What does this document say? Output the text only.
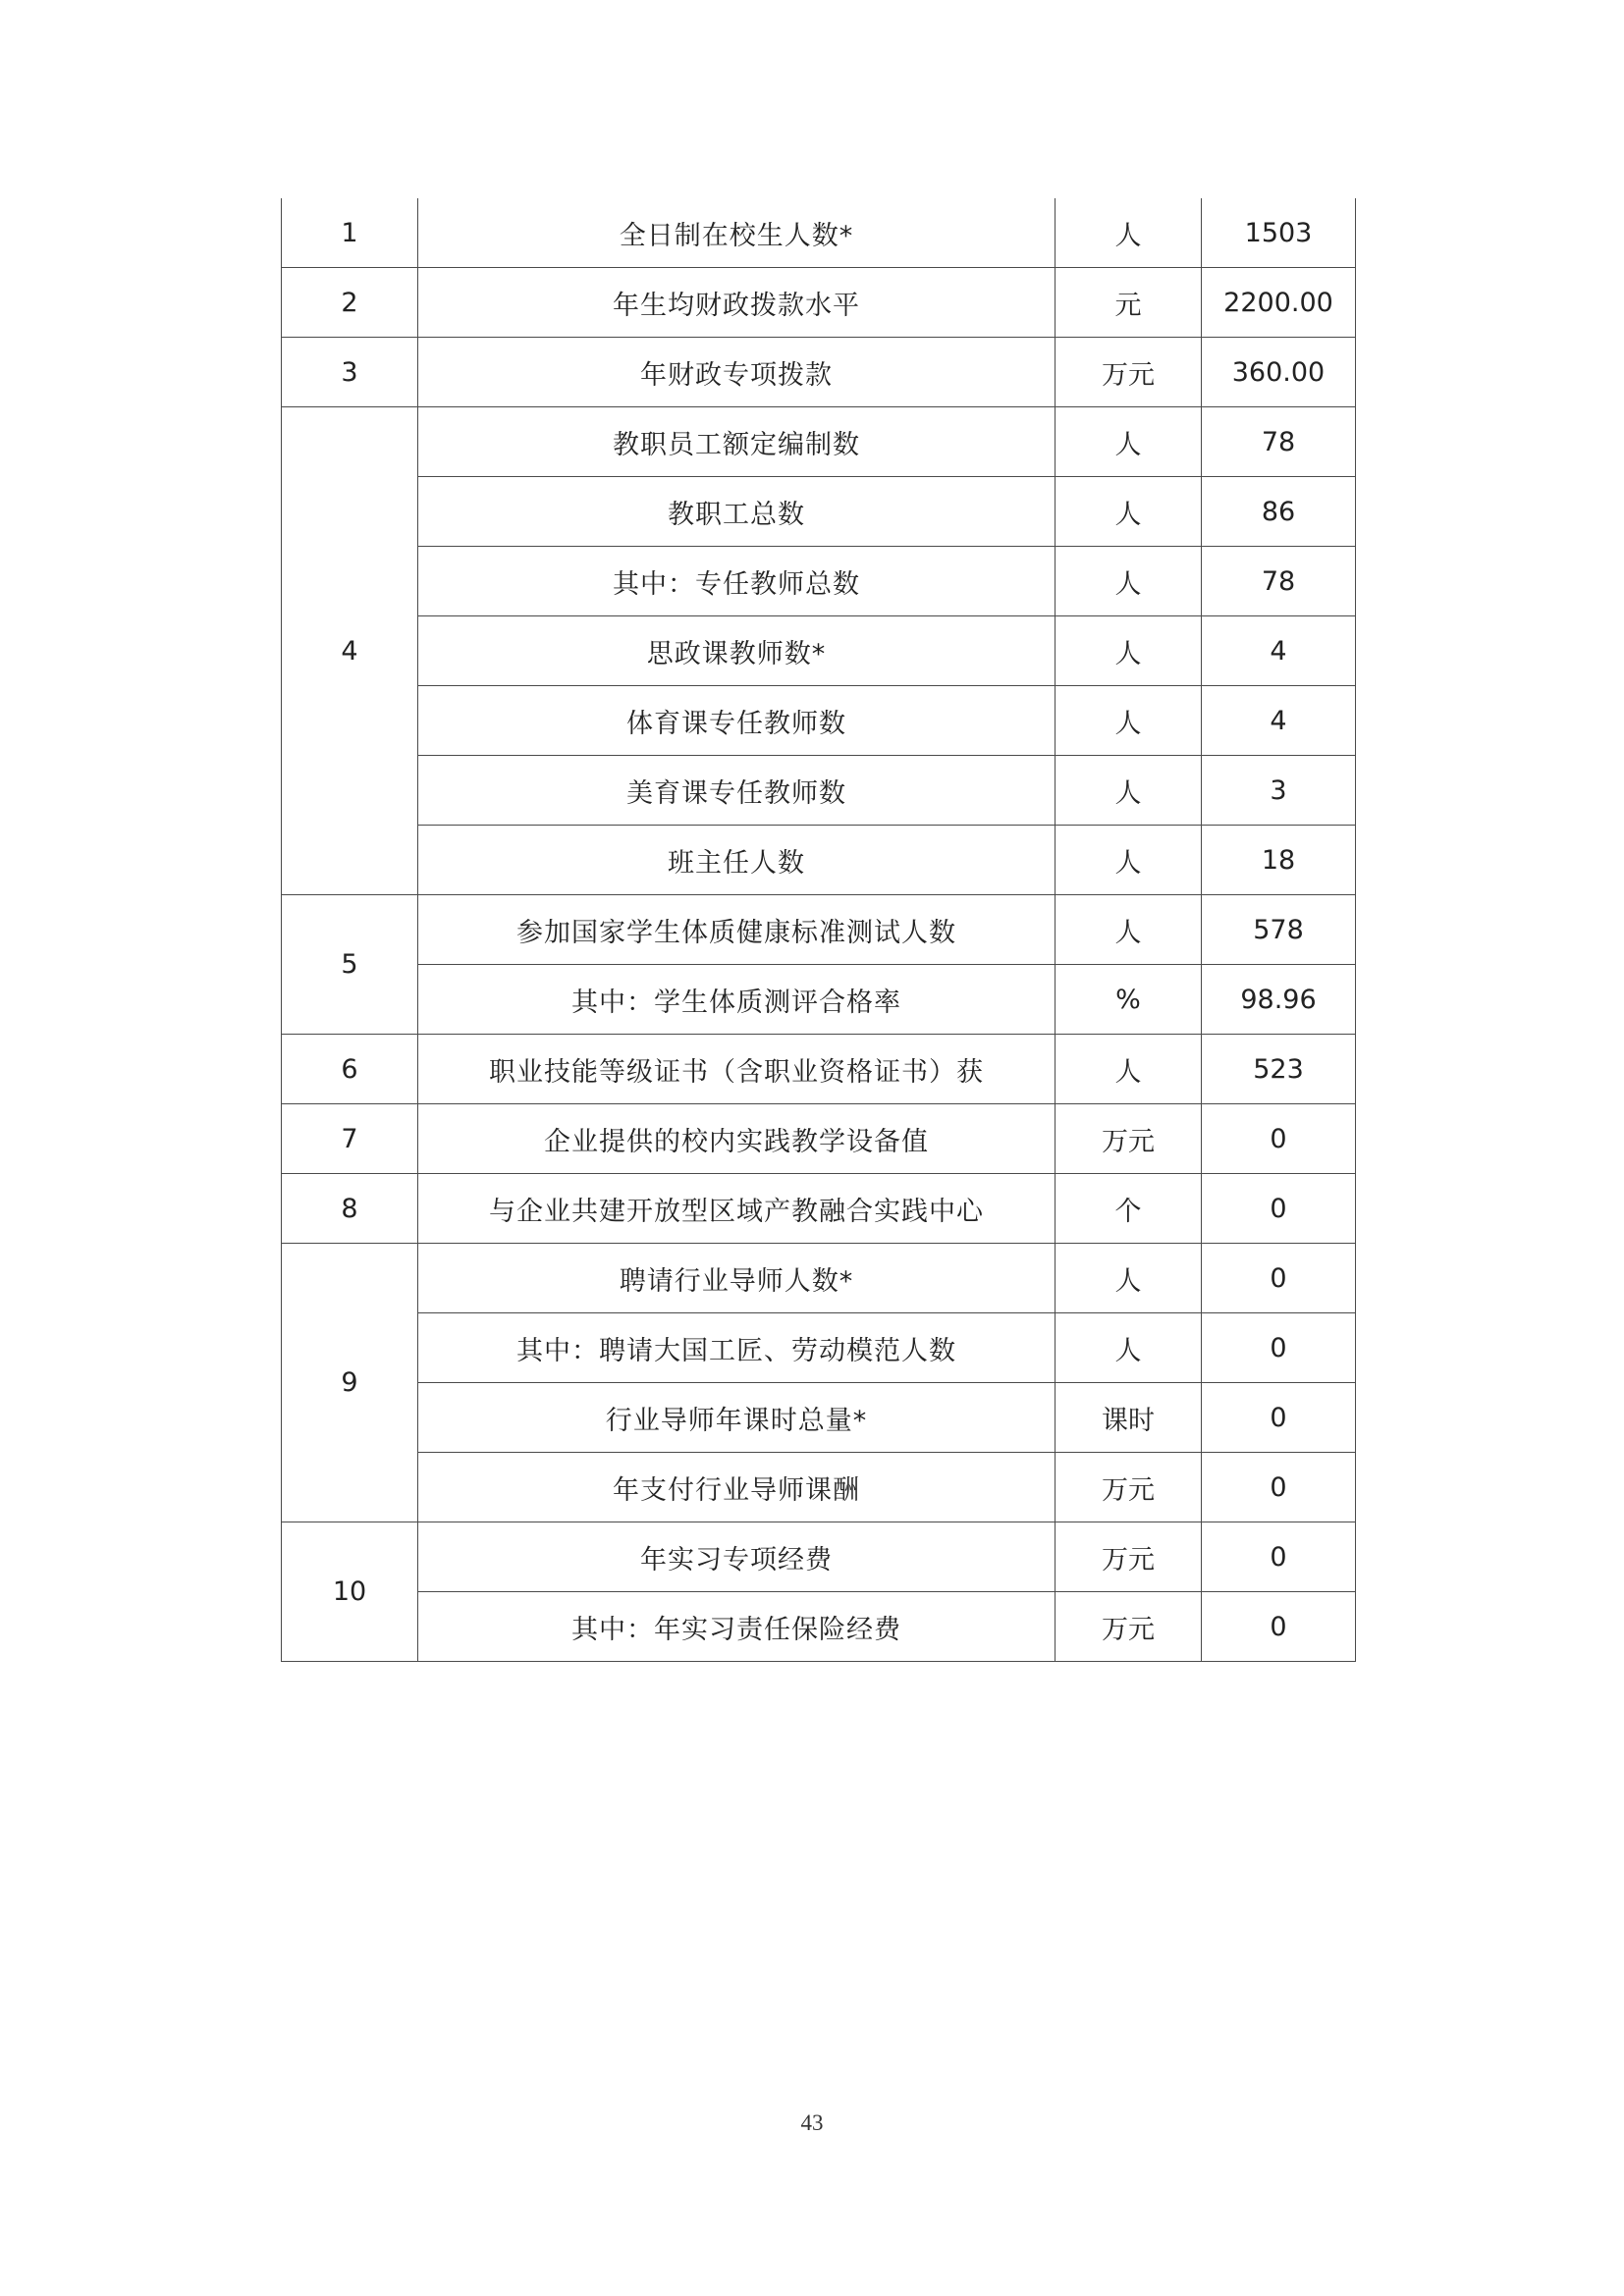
1	全日制在校生人数*	人	1503
2	年生均财政拨款水平	元	2200.00
3	年财政专项拨款	万元	360.00
4	教职员工额定编制数	人	78
	教职工总数	人	86
	其中：专任教师总数	人	78
	思政课教师数*	人	4
	体育课专任教师数	人	4
	美育课专任教师数	人	3
	班主任人数	人	18
5	参加国家学生体质健康标准测试人数	人	578
	其中：学生体质测评合格率	%	98.96
6	职业技能等级证书（含职业资格证书）获	人	523
7	企业提供的校内实践教学设备值	万元	0
8	与企业共建开放型区域产教融合实践中心	个	0
9	聘请行业导师人数*	人	0
	其中：聘请大国工匠、劳动模范人数	人	0
	行业导师年课时总量*	课时	0
	年支付行业导师课酬	万元	0
10	年实习专项经费	万元	0
	其中：年实习责任保险经费	万元	0
43
